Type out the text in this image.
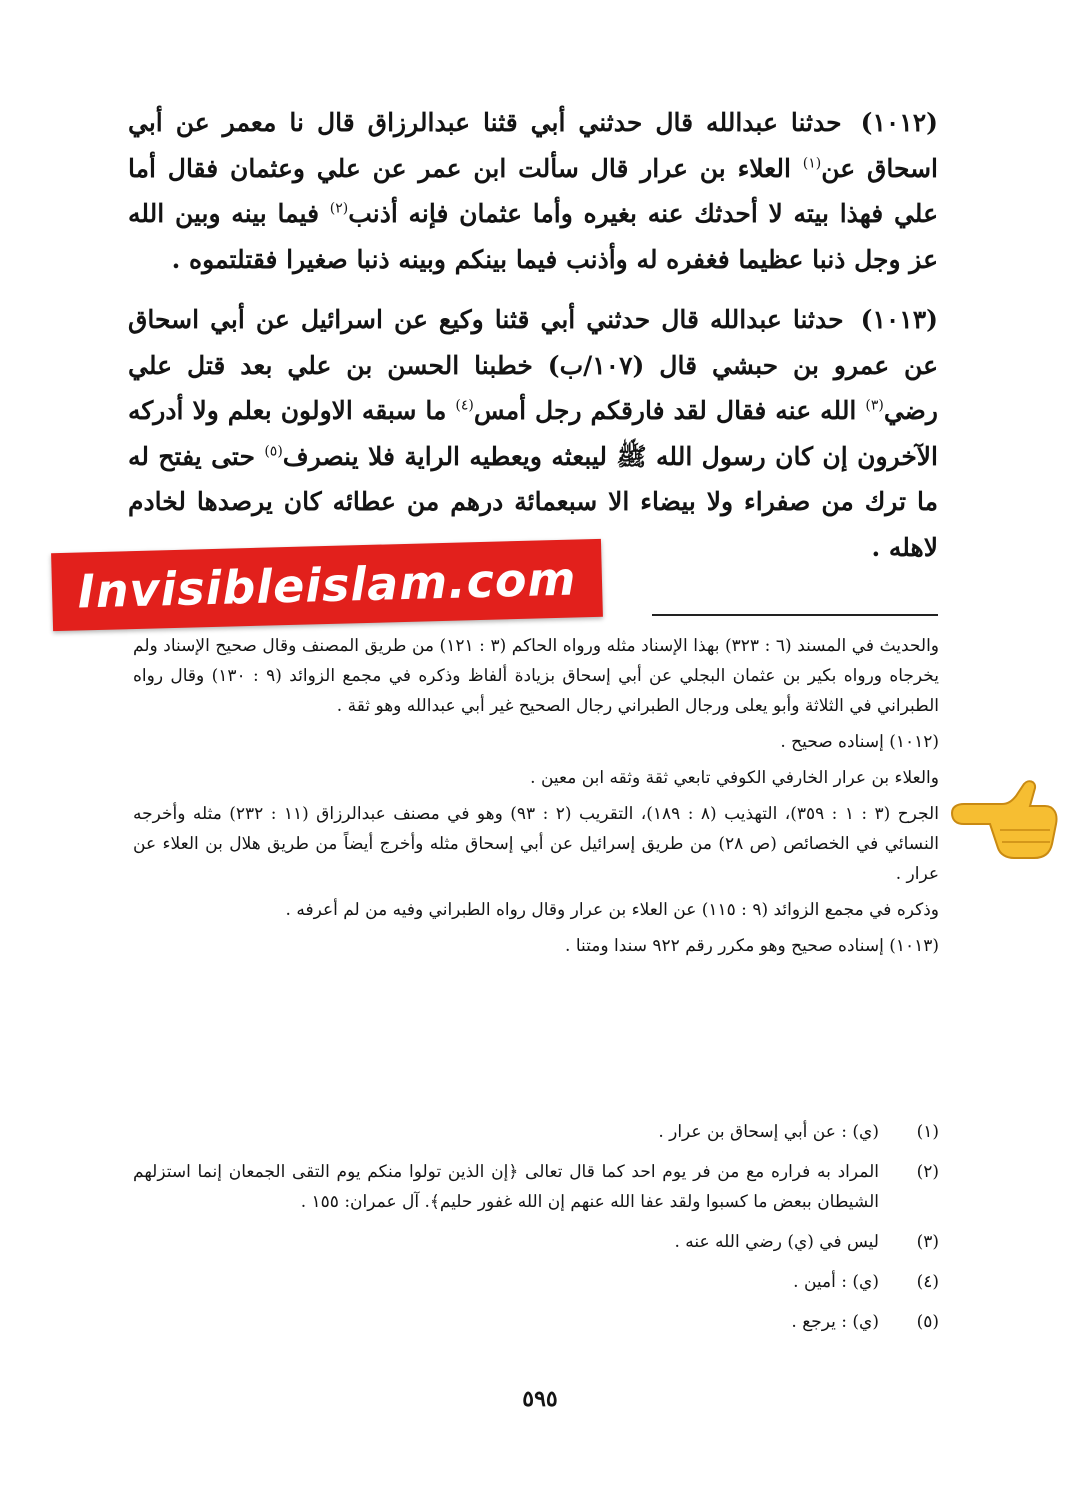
(١٠١٢) حدثنا عبدالله قال حدثني أبي قثنا عبدالرزاق قال نا معمر عن أبي اسحاق عن$^{(١)}$ العلاء بن عرار قال سألت ابن عمر عن علي وعثمان فقال أما علي فهذا بيته لا أحدثك عنه بغيره وأما عثمان فإنه أذنب$^{(٢)}$ فيما بينه وبين الله عز وجل ذنبا عظيما فغفره له وأذنب فيما بينكم وبينه ذنبا صغيرا فقتلتموه .

(١٠١٣) حدثنا عبدالله قال حدثني أبي قثنا وكيع عن اسرائيل عن أبي اسحاق عن عمرو بن حبشي قال (١٠٧/ب) خطبنا الحسن بن علي بعد قتل علي رضي$^{(٣)}$ الله عنه فقال لقد فارقكم رجل أمس$^{(٤)}$ ما سبقه الاولون بعلم ولا أدركه الآخرون إن كان رسول الله ﷺ ليبعثه ويعطيه الراية فلا ينصرف$^{(٥)}$ حتى يفتح له ما ترك من صفراء ولا بيضاء الا سبعمائة درهم من عطائه كان يرصدها لخادم لاهله .

Invisibleislam.com

والحديث في المسند (٦ : ٣٢٣) بهذا الإسناد مثله ورواه الحاكم (٣ : ١٢١) من طريق المصنف وقال صحيح الإسناد ولم يخرجاه ورواه بكير بن عثمان البجلي عن أبي إسحاق بزيادة ألفاظ وذكره في مجمع الزوائد (٩ : ١٣٠) وقال رواه الطبراني في الثلاثة وأبو يعلى ورجال الطبراني رجال الصحيح غير أبي عبدالله وهو ثقة .

(١٠١٢) إسناده صحيح .

والعلاء بن عرار الخارفي الكوفي تابعي ثقة وثقه ابن معين .

الجرح (٣ : ١ : ٣٥٩)، التهذيب (٨ : ١٨٩)، التقريب (٢ : ٩٣) وهو في مصنف عبدالرزاق (١١ : ٢٣٢) مثله وأخرجه النسائي في الخصائص (ص ٢٨) من طريق إسرائيل عن أبي إسحاق مثله وأخرج أيضاً من طريق هلال بن العلاء عن عرار .

وذكره في مجمع الزوائد (٩ : ١١٥) عن العلاء بن عرار وقال رواه الطبراني وفيه من لم أعرفه .

(١٠١٣) إسناده صحيح وهو مكرر رقم ٩٢٢ سندا ومتنا .

(١)
(ي) : عن أبي إسحاق بن عرار .
(٢)
المراد به فراره مع من فر يوم احد كما قال تعالى ﴿إن الذين تولوا منكم يوم التقى الجمعان إنما استزلهم الشيطان ببعض ما كسبوا ولقد عفا الله عنهم إن الله غفور حليم﴾. آل عمران: ١٥٥ .
(٣)
ليس في (ي) رضي الله عنه .
(٤)
(ي) : أمين .
(٥)
(ي) : يرجع .
٥٩٥
